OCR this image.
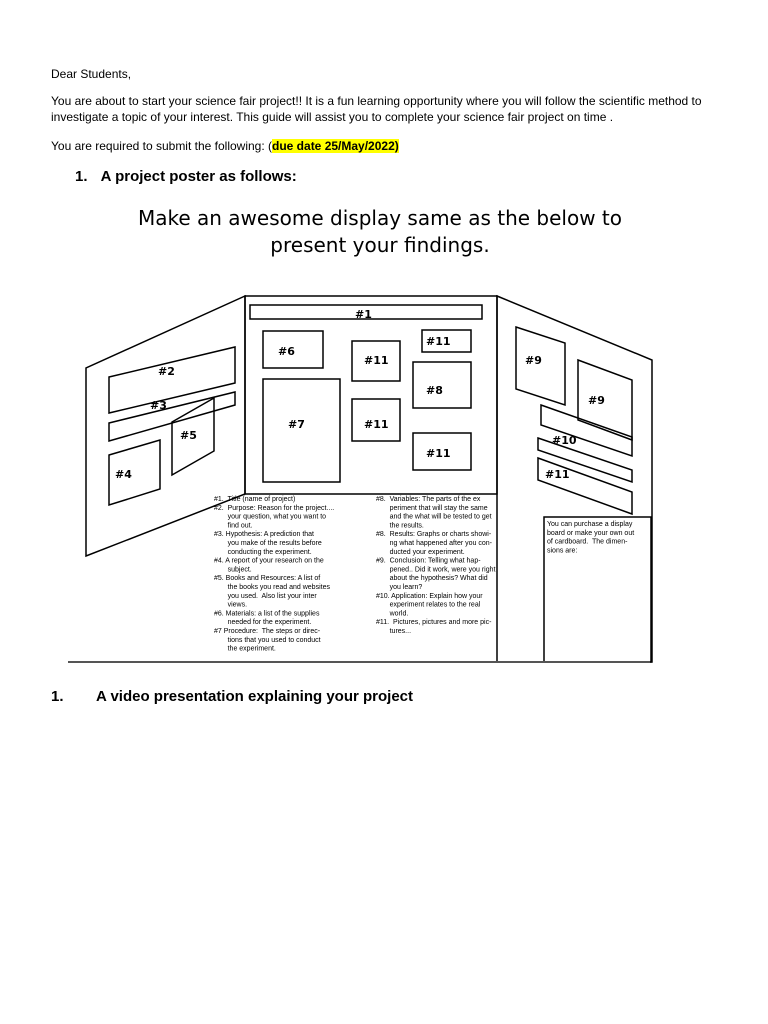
Dear Students,
You are about to start your science fair project!! It is a fun learning opportunity where you will follow the scientific method to investigate a topic of your interest. This guide will assist you to complete your science fair project on time .
You are required to submit the following: (due date 25/May/2022)
1. A project poster as follows:
Make an awesome display same as the below to present your findings.
#1
#6
#11
#11
#8
#7	#11
#11
#2
#3
#5
#4
#9
#9
#10
#11
#1.  Title (name of project)
#2.  Purpose: Reason for the project....
your question, what you want to
find out.
#3. Hypothesis: A prediction that
you make of the results before
conducting the experiment.
#4. A report of your research on the
subject.
#5. Books and Resources: A list of
the books you read and websites
you used.  Also list your inter
views.
#6. Materials: a list of the supplies
needed for the experiment.
#7 Procedure:  The steps or direc-
tions that you used to conduct
the experiment.
#8.  Variables: The parts of the ex
periment that will stay the same
and the what will be tested to get
the results.
#8.  Results: Graphs or charts showi-
ng what happened after you con-
ducted your experiment.
#9.  Conclusion: Telling what hap-
pened.. Did it work, were you right
about the hypothesis? What did
you learn?
#10. Application: Explain how your
experiment relates to the real
world.
#11.  Pictures, pictures and more pic-
tures...
You can purchase a display
board or make your own out
of cardboard.  The dimen-
sions are:
1. A video presentation explaining your project
